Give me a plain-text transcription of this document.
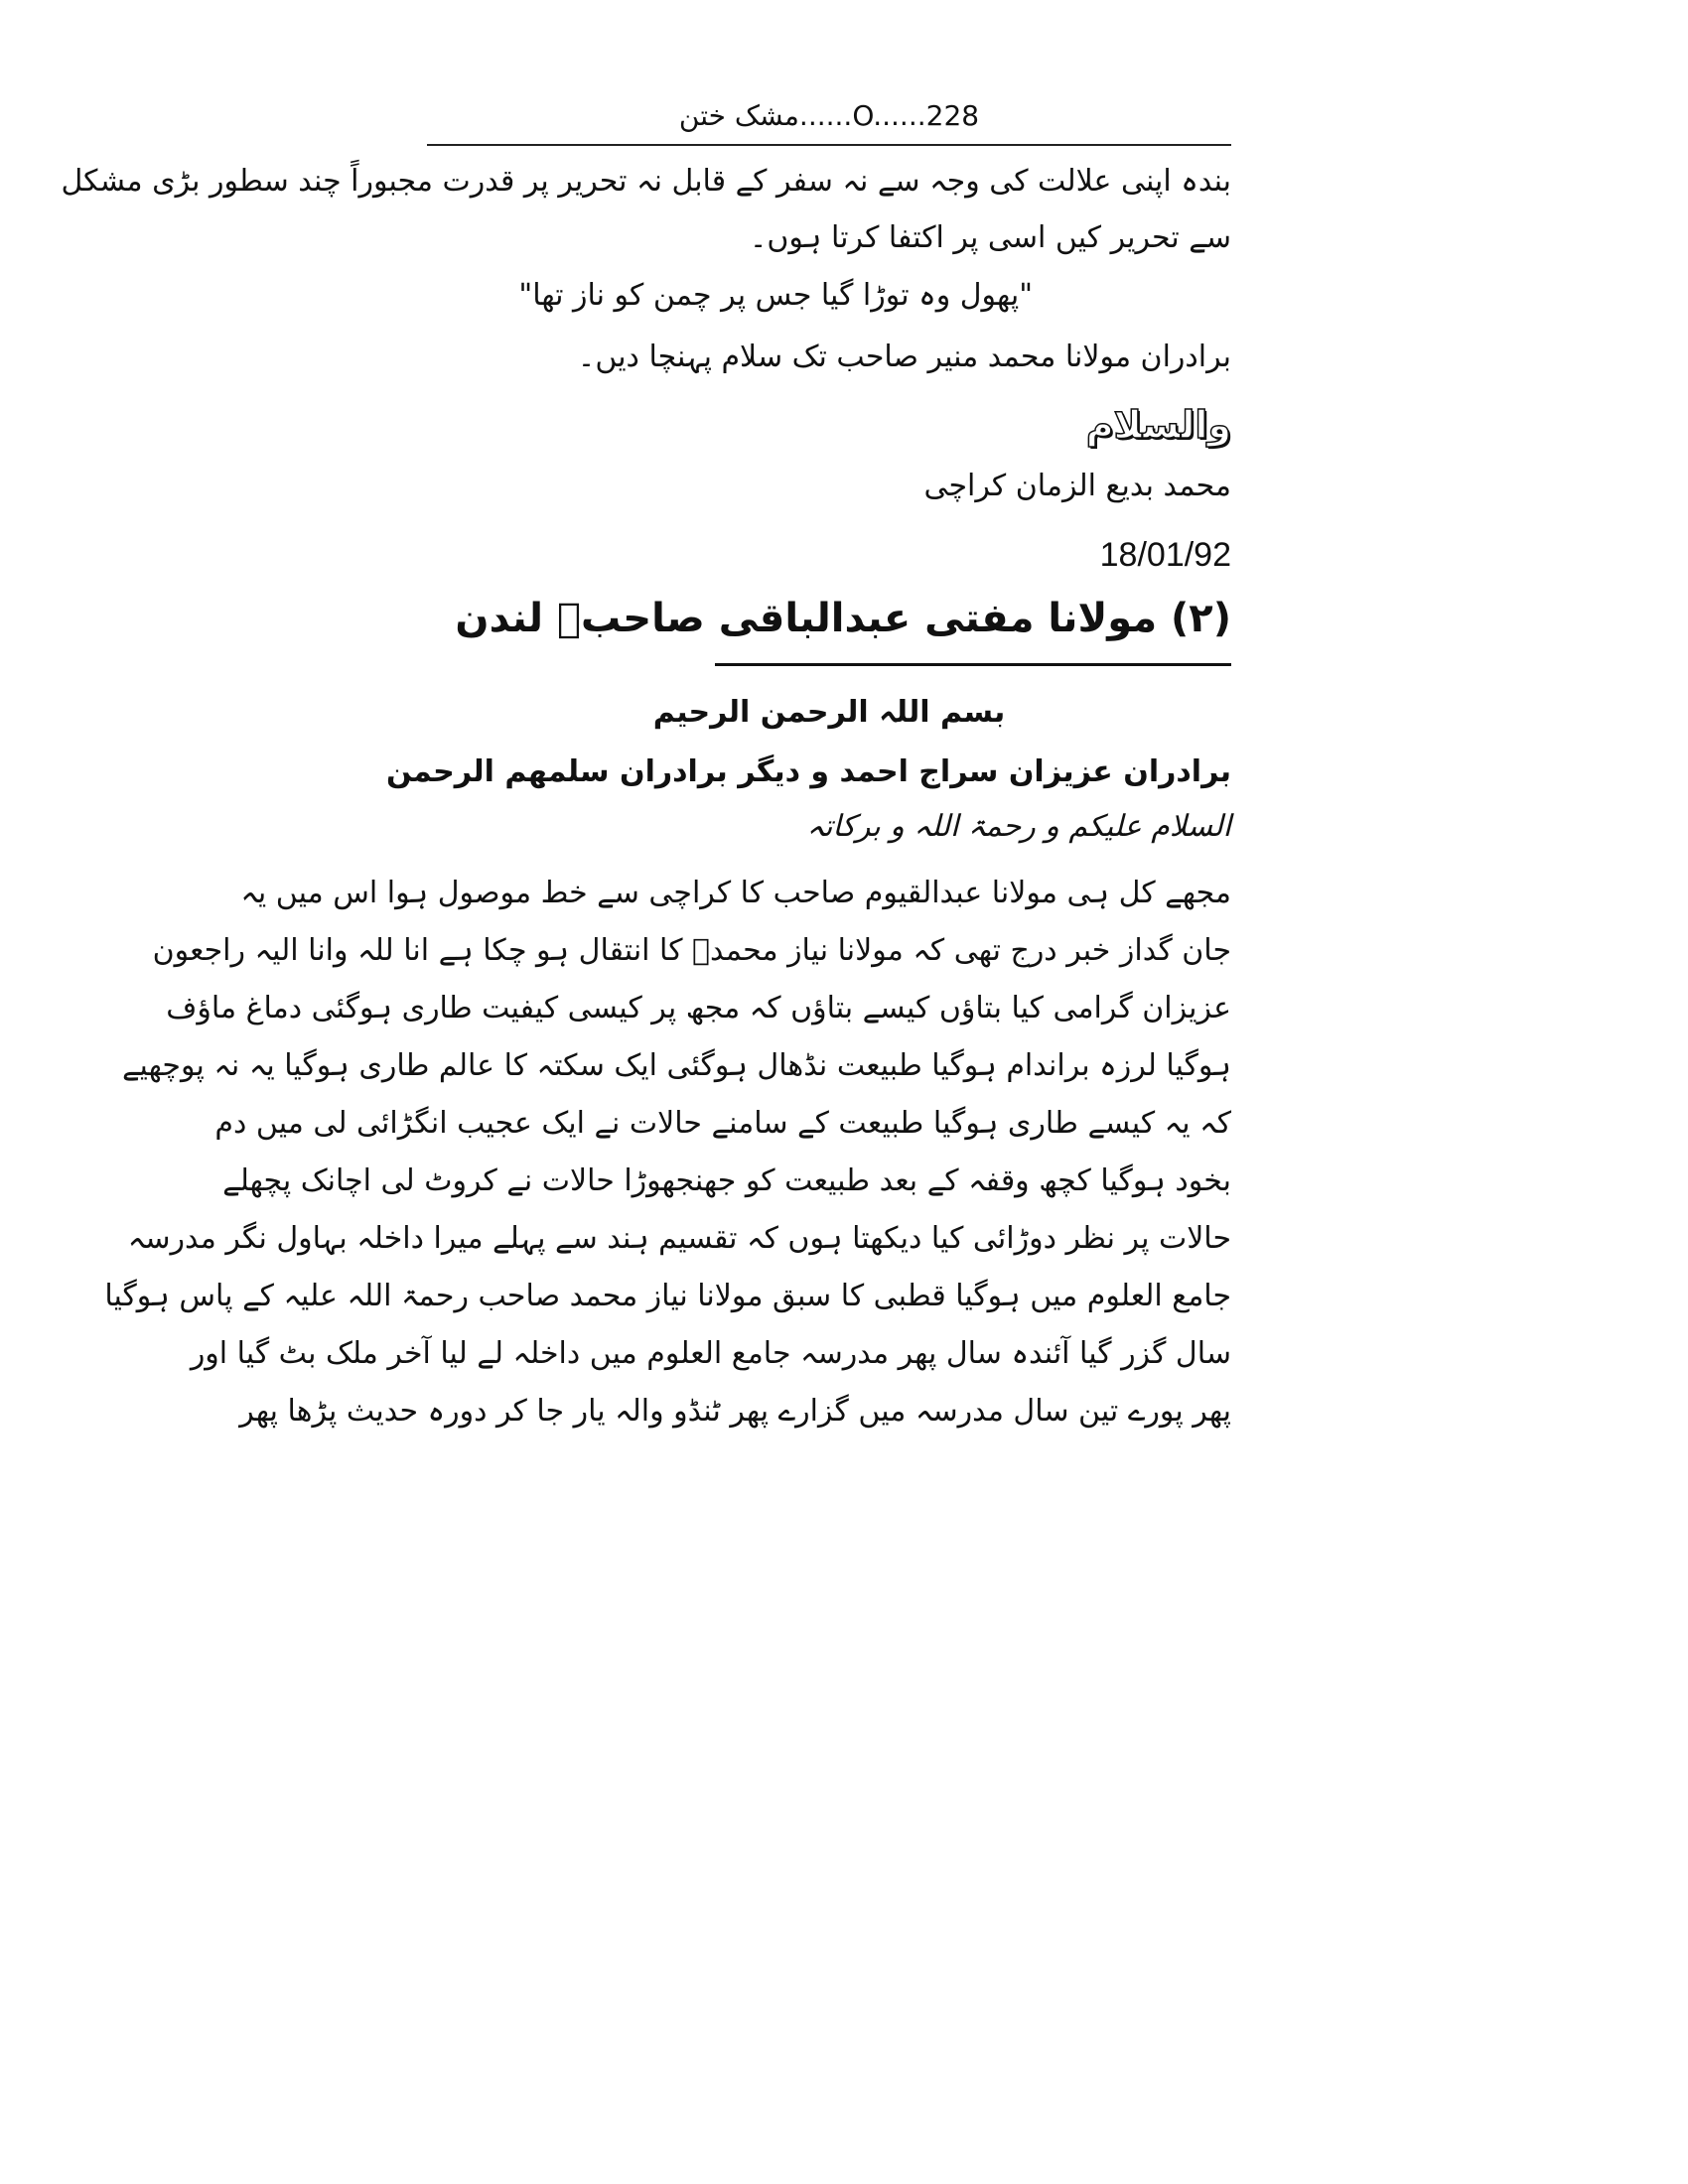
مشک ختن......O......228
بندہ اپنی علالت کی وجہ سے نہ سفر کے قابل نہ تحریر پر قدرت مجبوراً چند سطور بڑی مشکل
سے تحریر کیں اسی پر اکتفا کرتا ہوں۔
"پھول وہ توڑا گیا جس پر چمن کو ناز تھا"
برادران مولانا محمد منیر صاحب تک سلام پہنچا دیں۔
والسلام
محمد بدیع الزمان کراچی
18/01/92
(۲) مولانا مفتی عبدالباقی صاحبؒ لندن
بسم اللہ الرحمن الرحیم
برادران عزیزان سراج احمد و دیگر برادران سلمھم الرحمن
السلام علیکم و رحمۃ اللہ و برکاتہ
مجھے کل ہی مولانا عبدالقیوم صاحب کا کراچی سے خط موصول ہوا اس میں یہ
جان گداز خبر درج تھی کہ مولانا نیاز محمدؒ کا انتقال ہو چکا ہے انا للہ وانا الیہ راجعون
عزیزان گرامی کیا بتاؤں کیسے بتاؤں کہ مجھ پر کیسی کیفیت طاری ہوگئی دماغ ماؤف
ہوگیا لرزہ براندام ہوگیا طبیعت نڈھال ہوگئی ایک سکتہ کا عالم طاری ہوگیا یہ نہ پوچھیے
کہ یہ کیسے طاری ہوگیا طبیعت کے سامنے حالات نے ایک عجیب انگڑائی لی میں دم
بخود ہوگیا کچھ وقفہ کے بعد طبیعت کو جھنجھوڑا حالات نے کروٹ لی اچانک پچھلے
حالات پر نظر دوڑائی کیا دیکھتا ہوں کہ تقسیم ہند سے پہلے میرا داخلہ بہاول نگر مدرسہ
جامع العلوم میں ہوگیا قطبی کا سبق مولانا نیاز محمد صاحب رحمۃ اللہ علیہ کے پاس ہوگیا
سال گزر گیا آئندہ سال پھر مدرسہ جامع العلوم میں داخلہ لے لیا آخر ملک بٹ گیا اور
پھر پورے تین سال مدرسہ میں گزارے پھر ٹنڈو والہ یار جا کر دورہ حدیث پڑھا پھر
